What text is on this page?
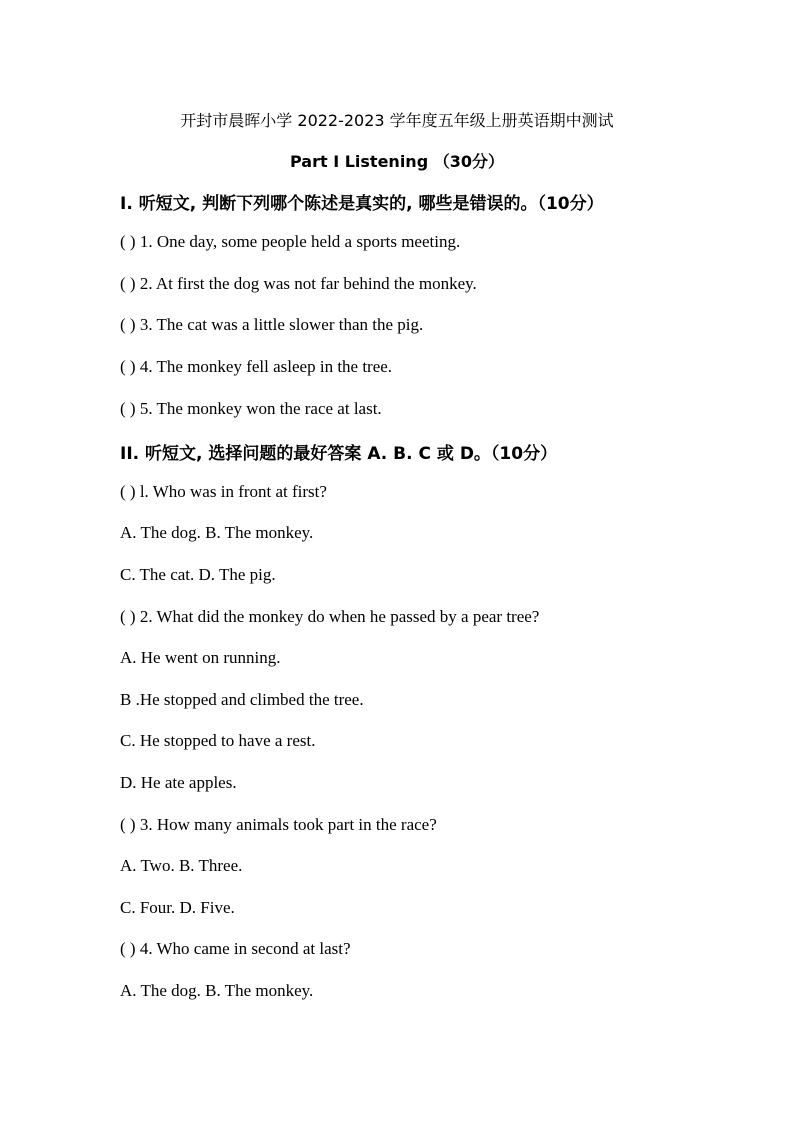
开封市晨晖小学 2022-2023 学年度五年级上册英语期中测试
Part I Listening （30分）
I. 听短文, 判断下列哪个陈述是真实的, 哪些是错误的。（10分）
( ) 1. One day, some people held a sports meeting.
( ) 2. At first the dog was not far behind the monkey.
( ) 3. The cat was a little slower than the pig.
( ) 4. The monkey fell asleep in the tree.
( ) 5. The monkey won the race at last.
II. 听短文, 选择问题的最好答案 A. B. C 或 D。（10分）
( ) l. Who was in front at first?
A. The dog. B. The monkey.
C. The cat. D. The pig.
( ) 2. What did the monkey do when he passed by a pear tree?
A. He went on running.
B .He stopped and climbed the tree.
C. He stopped to have a rest.
D. He ate apples.
( ) 3. How many animals took part in the race?
A. Two. B. Three.
C. Four. D. Five.
( ) 4. Who came in second at last?
A. The dog. B. The monkey.
